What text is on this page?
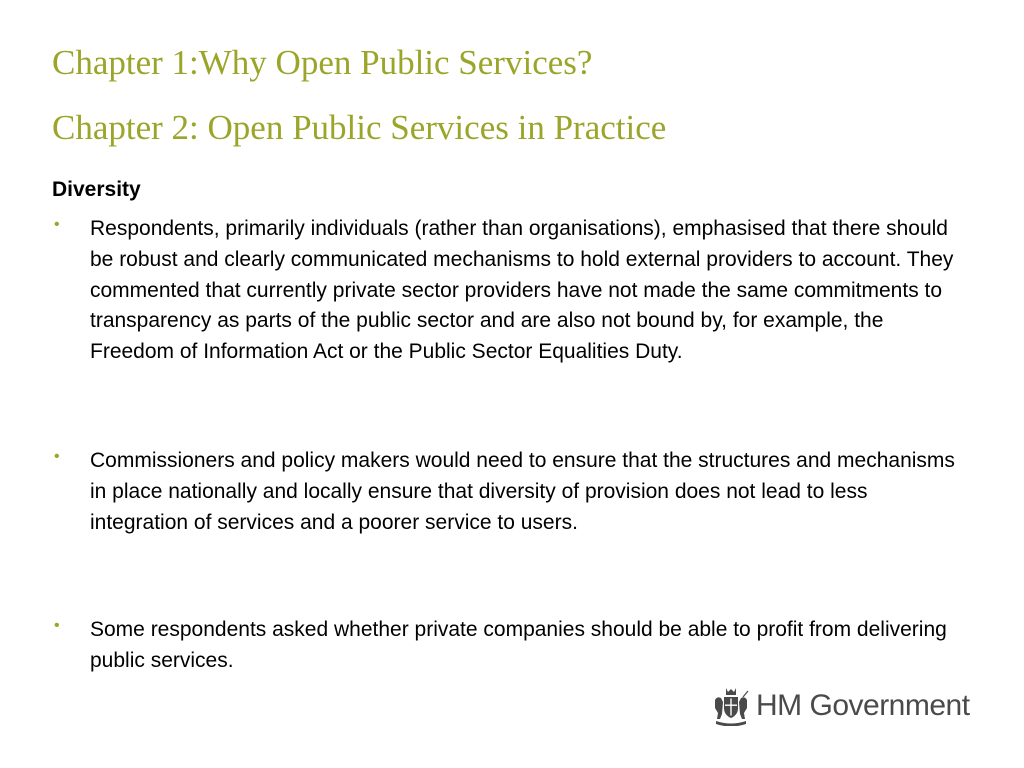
Chapter 1:Why Open Public Services?
Chapter 2: Open Public Services in Practice
Diversity
• Respondents, primarily individuals (rather than organisations), emphasised that there should be robust and clearly communicated mechanisms to hold external providers to account. They commented that currently private sector providers have not made the same commitments to transparency as parts of the public sector and are also not bound by, for example, the Freedom of Information Act or the Public Sector Equalities Duty.
• Commissioners and policy makers would need to ensure that the structures and mechanisms in place nationally and locally ensure that diversity of provision does not lead to less integration of services and a poorer service to users.
• Some respondents asked whether private companies should be able to profit from delivering public services.
HM Government
